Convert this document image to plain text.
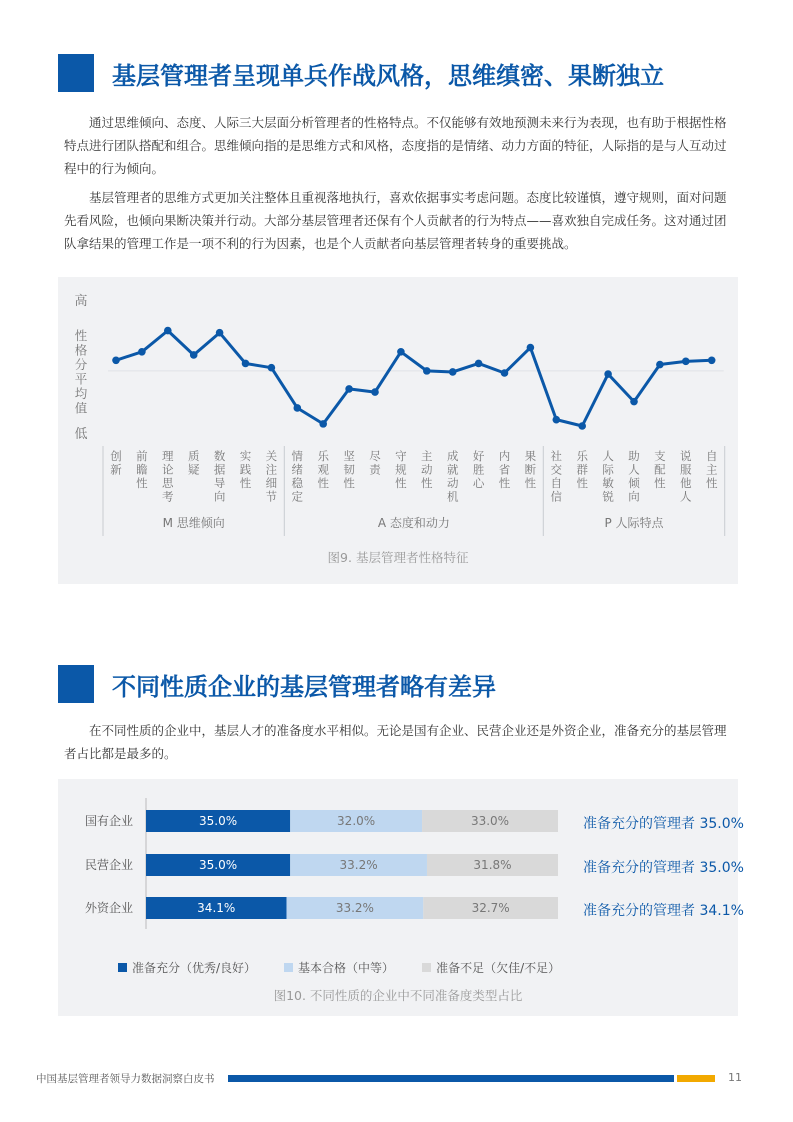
基层管理者呈现单兵作战风格，思维缜密、果断独立

通过思维倾向、态度、人际三大层面分析管理者的性格特点。不仅能够有效地预测未来行为表现，也有助于根据性格特点进行团队搭配和组合。思维倾向指的是思维方式和风格，态度指的是情绪、动力方面的特征，人际指的是与人互动过程中的行为倾向。

基层管理者的思维方式更加关注整体且重视落地执行，喜欢依据事实考虑问题。态度比较谨慎，遵守规则，面对问题先看风险，也倾向果断决策并行动。大部分基层管理者还保有个人贡献者的行为特点——喜欢独自完成任务。这对通过团队拿结果的管理工作是一项不利的行为因素，也是个人贡献者向基层管理者转身的重要挑战。

高
低
性
格
分
平
均
值
创
新
前
瞻
性
理
论
思
考
质
疑
数
据
导
向
实
践
性
关
注
细
节
情
绪
稳
定
乐
观
性
坚
韧
性
尽
责
守
规
性
主
动
性
成
就
动
机
好
胜
心
内
省
性
果
断
性
社
交
自
信
乐
群
性
人
际
敏
锐
助
人
倾
向
支
配
性
说
服
他
人
自
主
性
M 思维倾向	A 态度和动力	P 人际特点
图9. 基层管理者性格特征
不同性质企业的基层管理者略有差异

在不同性质的企业中，基层人才的准备度水平相似。无论是国有企业、民营企业还是外资企业，准备充分的基层管理者占比都是最多的。

国有企业	35.0%	32.0%	33.0%
民营企业	35.0%	33.2%	31.8%
外资企业	34.1%	33.2%	32.7%
准备充分的管理者 35.0%
准备充分的管理者 35.0%
准备充分的管理者 34.1%
准备充分（优秀/良好）	基本合格（中等）	准备不足（欠佳/不足）
图10. 不同性质的企业中不同准备度类型占比
中国基层管理者领导力数据洞察白皮书	11
